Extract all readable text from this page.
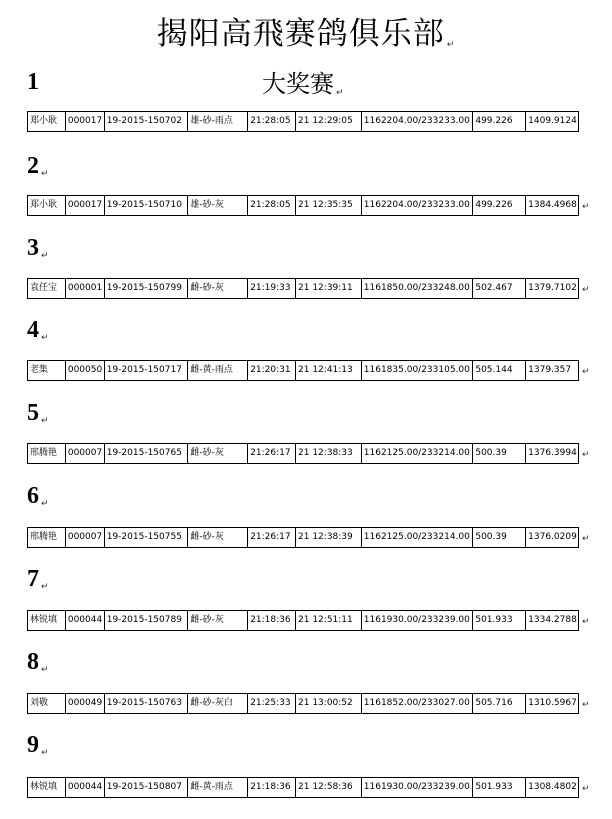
揭阳高飛赛鸽俱乐部 ↵
大奖赛 ↵
1
郑小耿	000017 19-2015-150702 雄-砂-雨点	21:28:05 21 12:29:05	1162204.00/233233.00 499.226	1409.9124
2 ↵
郑小耿	000017 19-2015-150710 雄-砂-灰	21:28:05 21 12:35:35	1162204.00/233233.00 499.226	1384.4968 ↵
3 ↵
袁任宝	000001 19-2015-150799 雌-砂-灰	21:19:33 21 12:39:11	1161850.00/233248.00 502.467	1379.7102 ↵
4 ↵
老集	000050 19-2015-150717 雌-黄-雨点	21:20:31 21 12:41:13	1161835.00/233105.00 505.144	1379.357	↵
5 ↵
邢腾艳	000007 19-2015-150765 雌-砂-灰	21:26:17 21 12:38:33	1162125.00/233214.00 500.39	1376.3994 ↵
6 ↵
邢腾艳	000007 19-2015-150755 雌-砂-灰	21:26:17 21 12:38:39	1162125.00/233214.00 500.39	1376.0209 ↵
7 ↵
林锐填	000044 19-2015-150789 雌-砂-灰	21:18:36 21 12:51:11	1161930.00/233239.00 501.933	1334.2788 ↵
8 ↵
刘敬	000049 19-2015-150763 雌-砂-灰白	21:25:33 21 13:00:52	1161852.00/233027.00 505.716	1310.5967 ↵
9 ↵
林锐填	000044 19-2015-150807 雌-黄-雨点	21:18:36 21 12:58:36	1161930.00/233239.00 501.933	1308.4802 ↵
